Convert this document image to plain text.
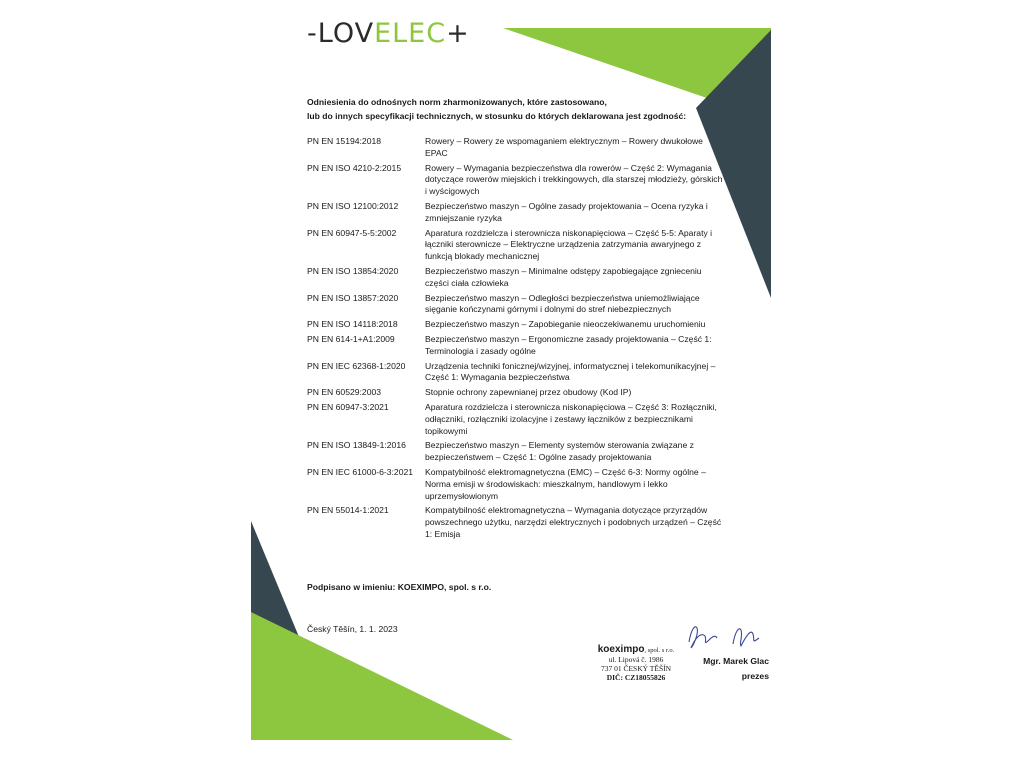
-LOVELEC+
Odniesienia do odnośnych norm zharmonizowanych, które zastosowano,
lub do innych specyfikacji technicznych, w stosunku do których deklarowana jest zgodność:
PN EN 15194:2018	Rowery – Rowery ze wspomaganiem elektrycznym – Rowery dwukołowe EPAC
PN EN ISO 4210-2:2015	Rowery – Wymagania bezpieczeństwa dla rowerów – Część 2: Wymagania dotyczące rowerów miejskich i trekkingowych, dla starszej młodzieży, górskich i wyścigowych
PN EN ISO 12100:2012	Bezpieczeństwo maszyn – Ogólne zasady projektowania – Ocena ryzyka i zmniejszanie ryzyka
PN EN 60947-5-5:2002	Aparatura rozdzielcza i sterownicza niskonapięciowa – Część 5-5: Aparaty i łączniki sterownicze – Elektryczne urządzenia zatrzymania awaryjnego z funkcją blokady mechanicznej
PN EN ISO 13854:2020	Bezpieczeństwo maszyn – Minimalne odstępy zapobiegające zgnieceniu części ciała człowieka
PN EN ISO 13857:2020	Bezpieczeństwo maszyn – Odległości bezpieczeństwa uniemożliwiające sięganie kończynami górnymi i dolnymi do stref niebezpiecznych
PN EN ISO 14118:2018	Bezpieczeństwo maszyn – Zapobieganie nieoczekiwanemu uruchomieniu
PN EN 614-1+A1:2009	Bezpieczeństwo maszyn – Ergonomiczne zasady projektowania – Część 1: Terminologia i zasady ogólne
PN EN IEC 62368-1:2020	Urządzenia techniki fonicznej/wizyjnej, informatycznej i telekomunikacyjnej – Część 1: Wymagania bezpieczeństwa
PN EN 60529:2003	Stopnie ochrony zapewnianej przez obudowy (Kod IP)
PN EN 60947-3:2021	Aparatura rozdzielcza i sterownicza niskonapięciowa – Część 3: Rozłączniki, odłączniki, rozłączniki izolacyjne i zestawy łączników z bezpiecznikami topikowymi
PN EN ISO 13849-1:2016	Bezpieczeństwo maszyn – Elementy systemów sterowania związane z bezpieczeństwem – Część 1: Ogólne zasady projektowania
PN EN IEC 61000-6-3:2021	Kompatybilność elektromagnetyczna (EMC) – Część 6-3: Normy ogólne – Norma emisji w środowiskach: mieszkalnym, handlowym i lekko uprzemysłowionym
PN EN 55014-1:2021	Kompatybilność elektromagnetyczna – Wymagania dotyczące przyrządów powszechnego użytku, narzędzi elektrycznych i podobnych urządzeń – Część 1: Emisja
Podpisano w imieniu: KOEXIMPO, spol. s r.o.
Český Těšín, 1. 1. 2023
koeximpo, spol. s r.o.
ul. Lipová č. 1986
737 01 ČESKÝ TĚŠÍN
DIČ: CZ18055826
Mgr. Marek Glac
prezes
